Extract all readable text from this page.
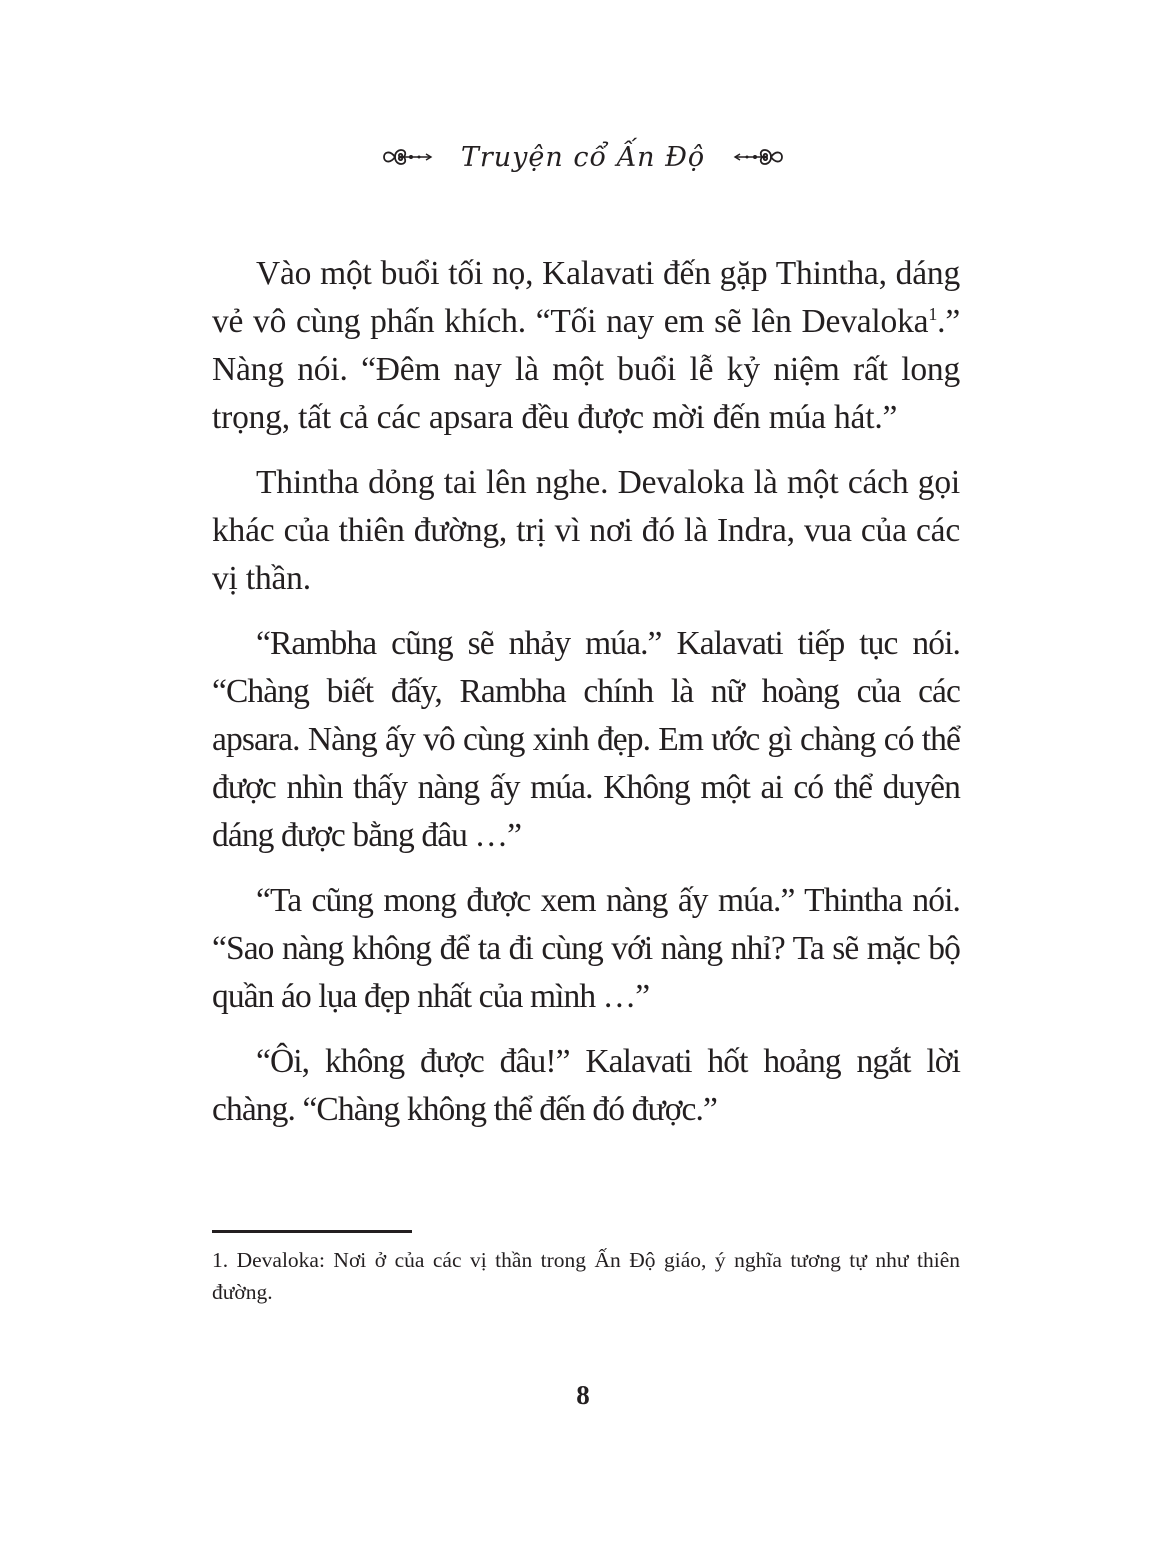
Truyện cổ Ấn Độ

Vào một buổi tối nọ, Kalavati đến gặp Thintha, dáng vẻ vô cùng phấn khích. “Tối nay em sẽ lên Devaloka$^1$.” Nàng nói. “Đêm nay là một buổi lễ kỷ niệm rất long trọng, tất cả các apsara đều được mời đến múa hát.”

Thintha dỏng tai lên nghe. Devaloka là một cách gọi khác của thiên đường, trị vì nơi đó là Indra, vua của các vị thần.

“Rambha cũng sẽ nhảy múa.” Kalavati tiếp tục nói. “Chàng biết đấy, Rambha chính là nữ hoàng của các apsara. Nàng ấy vô cùng xinh đẹp. Em ước gì chàng có thể được nhìn thấy nàng ấy múa. Không một ai có thể duyên dáng được bằng đâu …”

“Ta cũng mong được xem nàng ấy múa.” Thintha nói. “Sao nàng không để ta đi cùng với nàng nhỉ? Ta sẽ mặc bộ quần áo lụa đẹp nhất của mình …”

“Ôi, không được đâu!” Kalavati hốt hoảng ngắt lời chàng. “Chàng không thể đến đó được.”

1. Devaloka: Nơi ở của các vị thần trong Ấn Độ giáo, ý nghĩa tương tự như thiên đường.
8
